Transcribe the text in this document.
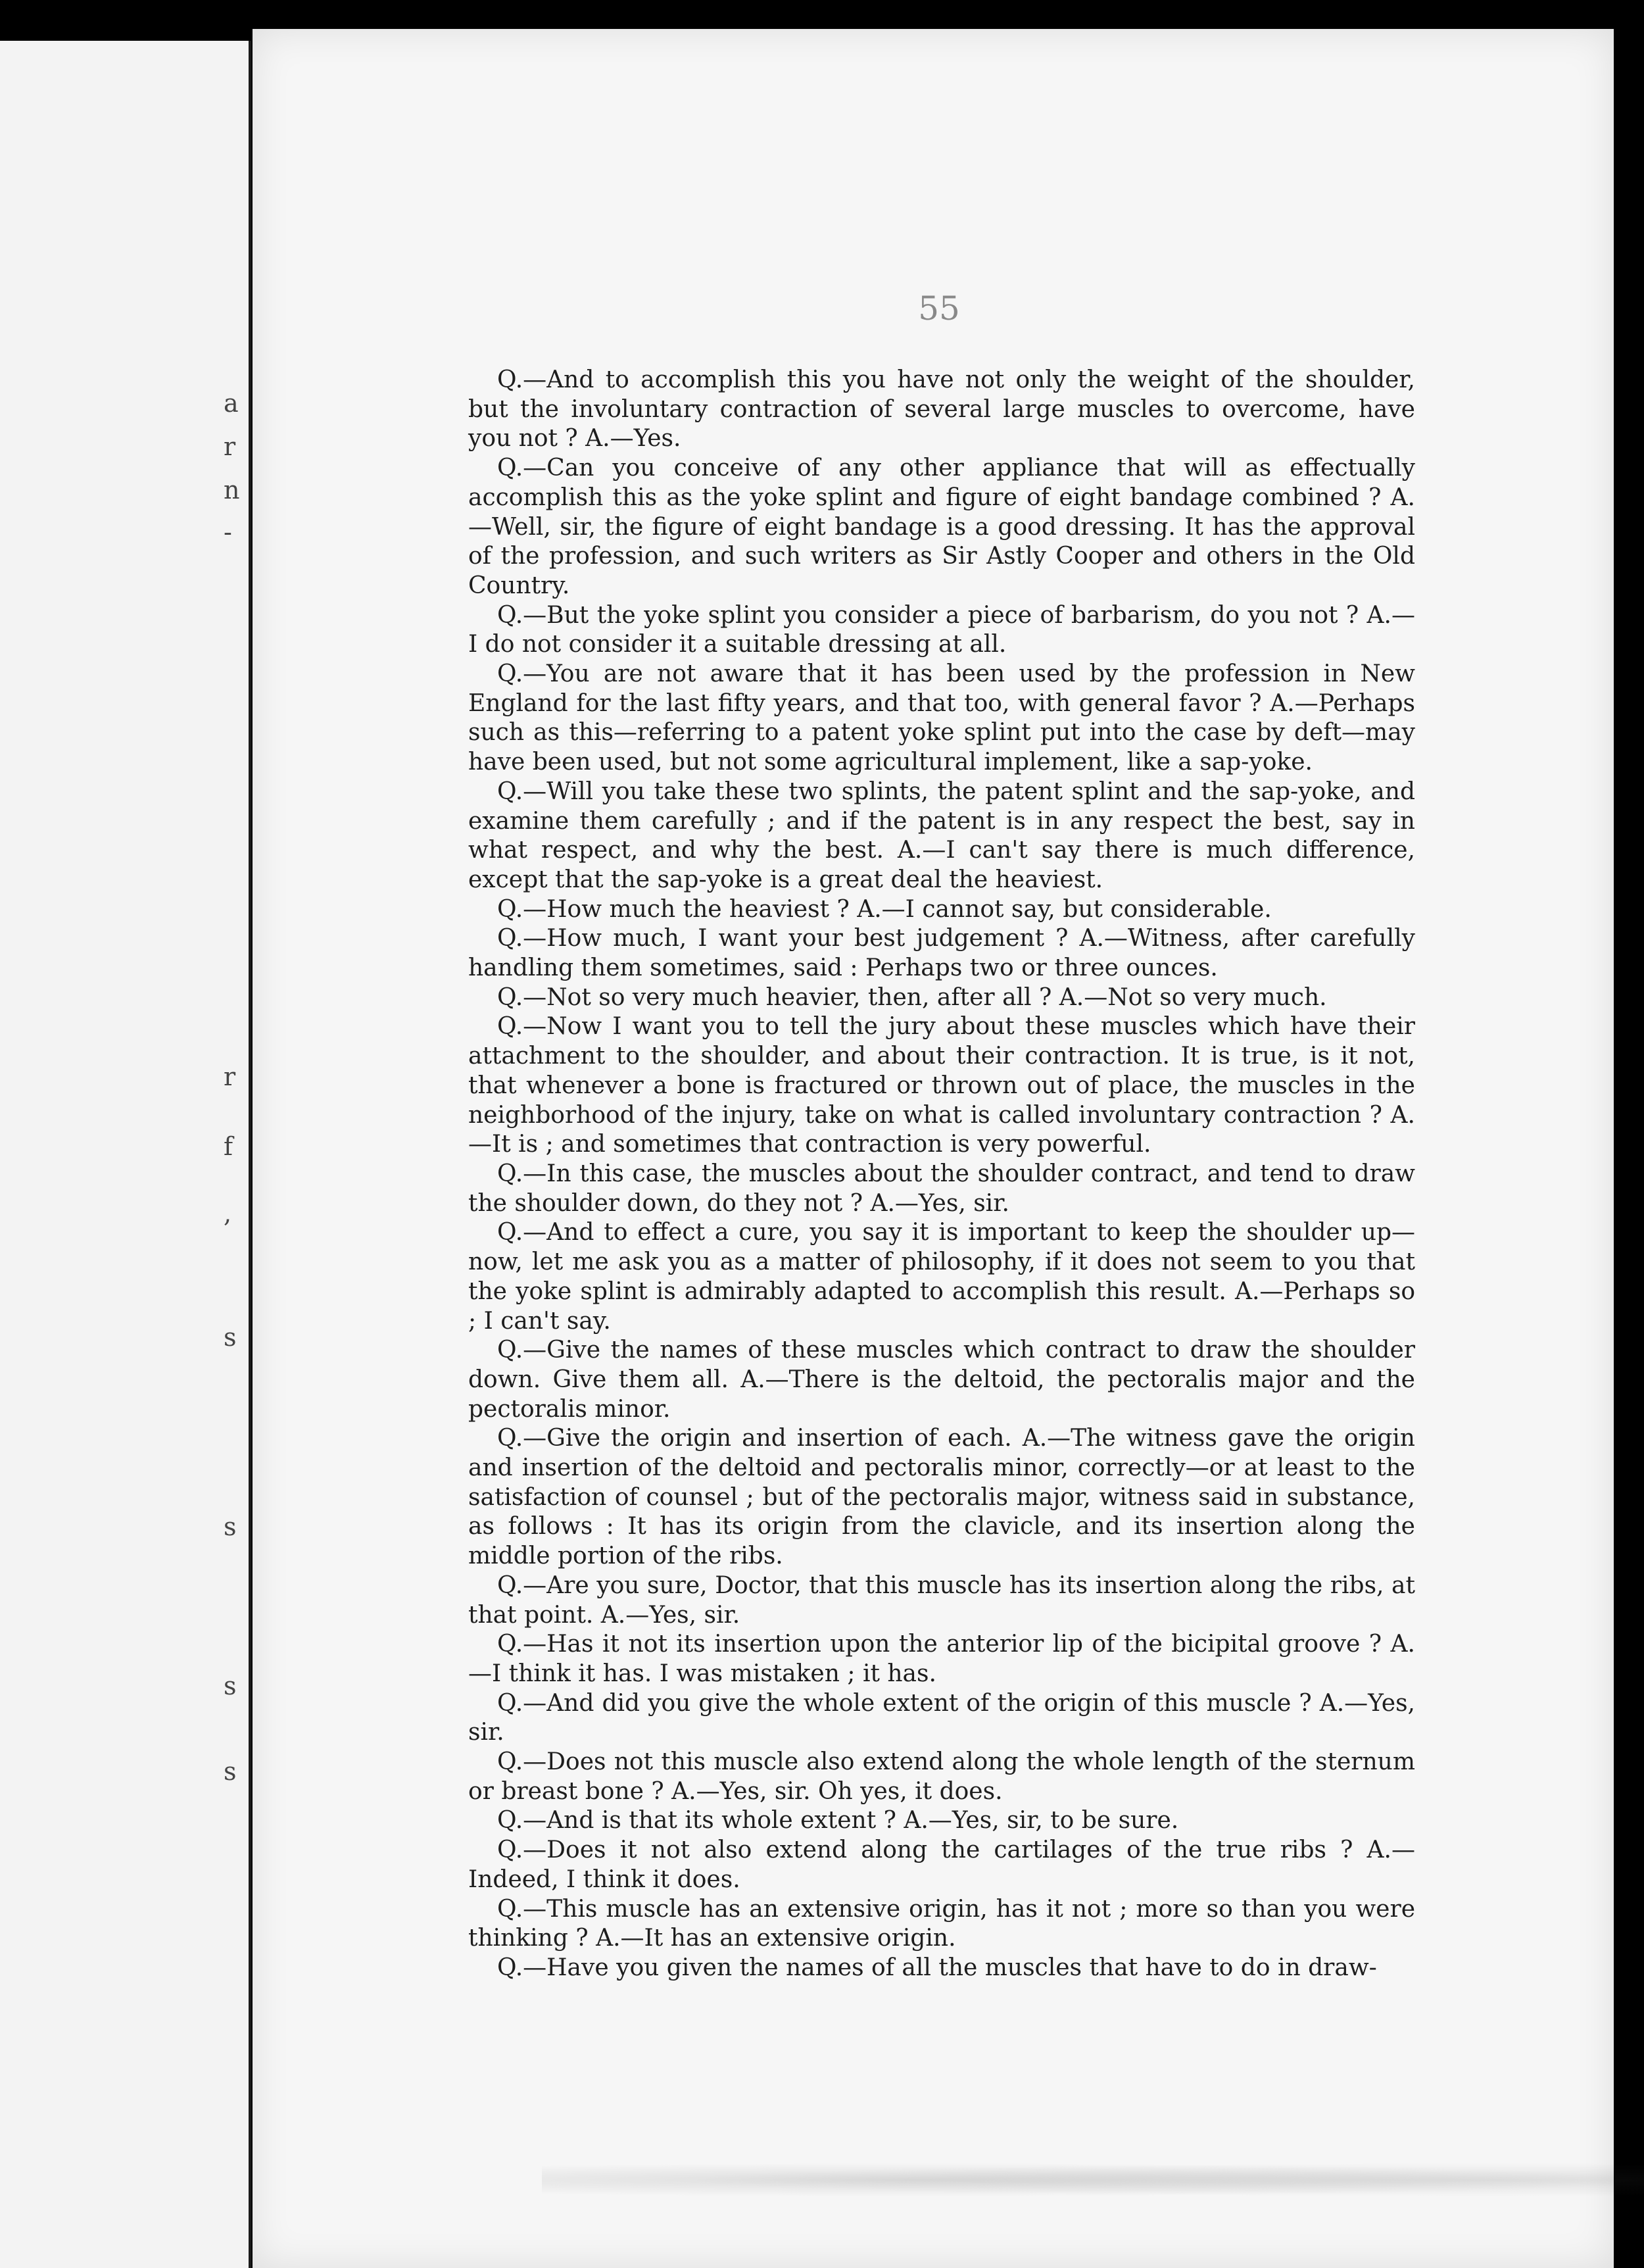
a
r
n
-
r
f
,
s
s
s
s
55

Q.—And to accomplish this you have not only the weight of the shoulder, but the involuntary contraction of several large muscles to overcome, have you not ? A.—Yes.

Q.—Can you conceive of any other appliance that will as effectually accomplish this as the yoke splint and figure of eight bandage combined ? A.—Well, sir, the figure of eight bandage is a good dressing. It has the approval of the profession, and such writers as Sir Astly Cooper and others in the Old Country.

Q.—But the yoke splint you consider a piece of barbarism, do you not ? A.—I do not consider it a suitable dressing at all.

Q.—You are not aware that it has been used by the profession in New England for the last fifty years, and that too, with general favor ? A.—Perhaps such as this—referring to a patent yoke splint put into the case by deft—may have been used, but not some agricultural implement, like a sap-yoke.

Q.—Will you take these two splints, the patent splint and the sap-yoke, and examine them carefully ; and if the patent is in any respect the best, say in what respect, and why the best. A.—I can't say there is much difference, except that the sap-yoke is a great deal the heaviest.

Q.—How much the heaviest ? A.—I cannot say, but considerable.

Q.—How much, I want your best judgement ? A.—Witness, after carefully handling them sometimes, said : Perhaps two or three ounces.

Q.—Not so very much heavier, then, after all ? A.—Not so very much.

Q.—Now I want you to tell the jury about these muscles which have their attachment to the shoulder, and about their contraction. It is true, is it not, that whenever a bone is fractured or thrown out of place, the muscles in the neighborhood of the injury, take on what is called involuntary contraction ? A.—It is ; and sometimes that contraction is very powerful.

Q.—In this case, the muscles about the shoulder contract, and tend to draw the shoulder down, do they not ? A.—Yes, sir.

Q.—And to effect a cure, you say it is important to keep the shoulder up—now, let me ask you as a matter of philosophy, if it does not seem to you that the yoke splint is admirably adapted to accomplish this result. A.—Perhaps so ; I can't say.

Q.—Give the names of these muscles which contract to draw the shoulder down. Give them all. A.—There is the deltoid, the pectoralis major and the pectoralis minor.

Q.—Give the origin and insertion of each. A.—The witness gave the origin and insertion of the deltoid and pectoralis minor, correctly—or at least to the satisfaction of counsel ; but of the pectoralis major, witness said in substance, as follows : It has its origin from the clavicle, and its insertion along the middle portion of the ribs.

Q.—Are you sure, Doctor, that this muscle has its insertion along the ribs, at that point. A.—Yes, sir.

Q.—Has it not its insertion upon the anterior lip of the bicipital groove ? A.—I think it has. I was mistaken ; it has.

Q.—And did you give the whole extent of the origin of this muscle ? A.—Yes, sir.

Q.—Does not this muscle also extend along the whole length of the sternum or breast bone ? A.—Yes, sir. Oh yes, it does.

Q.—And is that its whole extent ? A.—Yes, sir, to be sure.

Q.—Does it not also extend along the cartilages of the true ribs ? A.—Indeed, I think it does.

Q.—This muscle has an extensive origin, has it not ; more so than you were thinking ? A.—It has an extensive origin.

Q.—Have you given the names of all the muscles that have to do in draw-
